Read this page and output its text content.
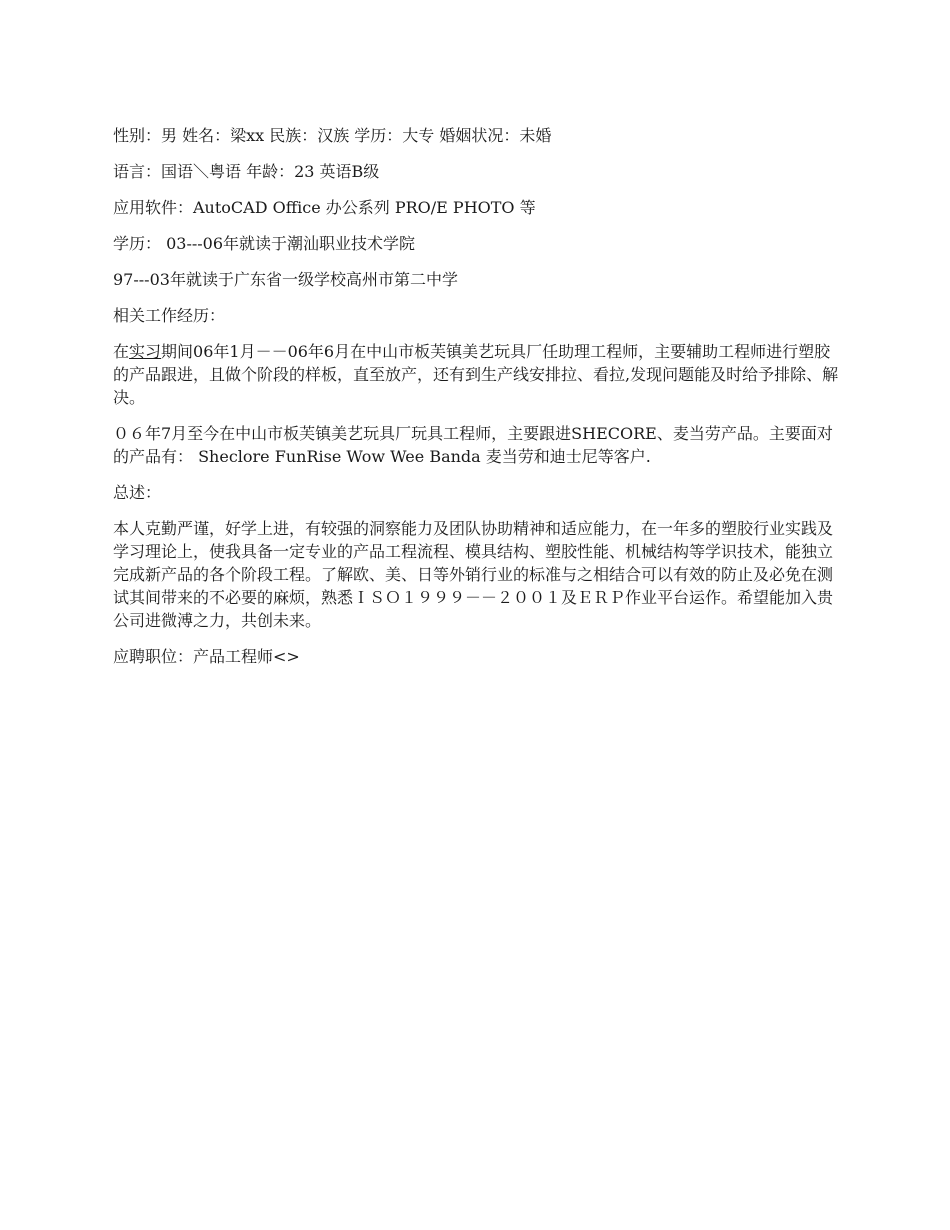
性别：男 姓名：梁xx 民族：汉族 学历：大专 婚姻状况：未婚

语言：国语＼粤语 年龄：23 英语B级

应用软件：AutoCAD Office 办公系列 PRO/E PHOTO 等

学历： 03---06年就读于潮汕职业技术学院

97---03年就读于广东省一级学校高州市第二中学

相关工作经历：

在实习期间06年1月－－06年6月在中山市板芙镇美艺玩具厂任助理工程师，主要辅助工程师进行塑胶的产品跟进，且做个阶段的样板，直至放产，还有到生产线安排拉、看拉,发现问题能及时给予排除、解决。

０６年7月至今在中山市板芙镇美艺玩具厂玩具工程师，主要跟进SHECORE、麦当劳产品。主要面对的产品有： Sheclore FunRise Wow Wee Banda 麦当劳和迪士尼等客户.

总述：

本人克勤严谨，好学上进，有较强的洞察能力及团队协助精神和适应能力，在一年多的塑胶行业实践及学习理论上，使我具备一定专业的产品工程流程、模具结构、塑胶性能、机械结构等学识技术，能独立完成新产品的各个阶段工程。了解欧、美、日等外销行业的标准与之相结合可以有效的防止及必免在测试其间带来的不必要的麻烦，熟悉ＩＳＯ１９９９－－２００１及ＥＲＰ作业平台运作。希望能加入贵公司进微溥之力，共创未来。

应聘职位：产品工程师<>
